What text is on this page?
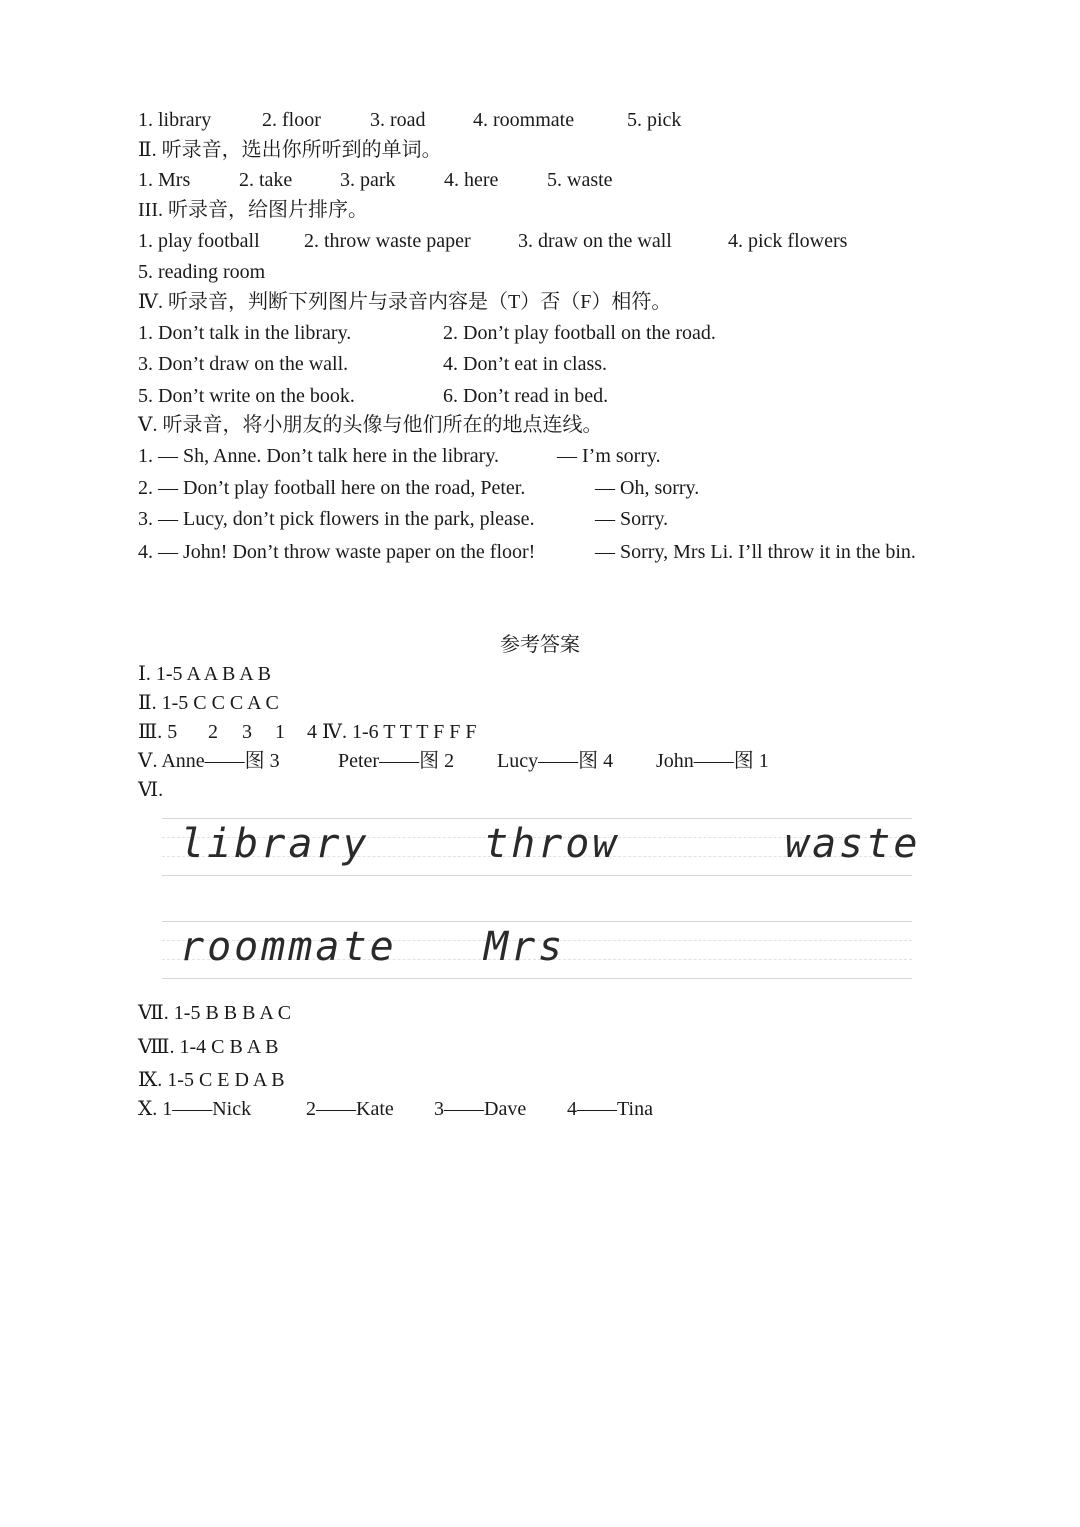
1. library	2. floor 3. road 4. roommate	5. pick
Ⅱ. 听录音，选出你所听到的单词。
1. Mrs 2. take 3. park 4. here 5. waste
III. 听录音，给图片排序。
1. play football 2. throw waste paper 3. draw on the wall	4. pick flowers
5. reading room
Ⅳ. 听录音，判断下列图片与录音内容是（T）否（F）相符。
1. Don’t talk in the library.	2. Don’t play football on the road.
3. Don’t draw on the wall.	4. Don’t eat in class.
5. Don’t write on the book.	6. Don’t read in bed.
Ⅴ. 听录音，将小朋友的头像与他们所在的地点连线。
1. — Sh, Anne. Don’t talk here in the library.	— I’m sorry.
2. — Don’t play football here on the road, Peter.	— Oh, sorry.
3. — Lucy, don’t pick flowers in the park, please.	— Sorry.
4. — John! Don’t throw waste paper on the floor!	— Sorry, Mrs Li. I’ll throw it in the bin.
参考答案
Ⅰ. 1-5 A A B A B
Ⅱ. 1-5 C C C A C
Ⅲ. 5 2 3 1 4 Ⅳ. 1-6 T T T F F F
Ⅴ. Anne——图 3	Peter——图 2 Lucy——图 4 John——图 1
Ⅵ.
library	throw	waste
roommate Mrs
Ⅶ. 1-5 B B B A C
Ⅷ. 1-4 C B A B
Ⅸ. 1-5 C E D A B
Ⅹ. 1——Nick	2——Kate 3——Dave 4——Tina
